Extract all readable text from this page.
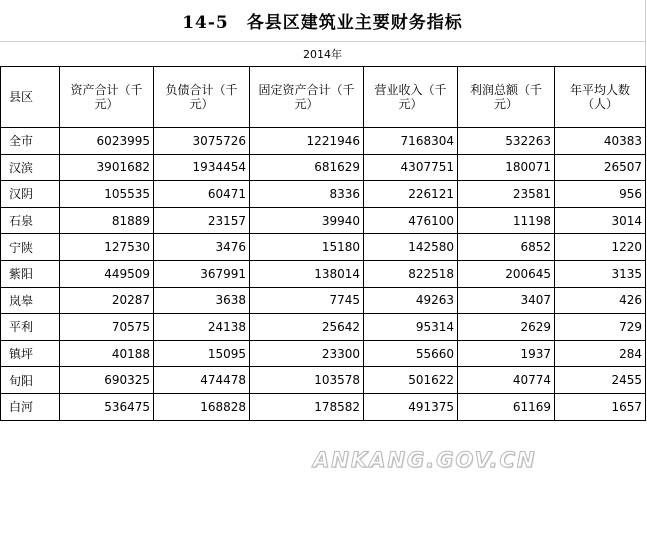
14-5　各县区建筑业主要财务指标
2014年
县区	资产合计（千元）	负债合计（千元）	固定资产合计（千元）	营业收入（千元）	利润总额（千元）	年平均人数（人）
全市	6023995	3075726	1221946	7168304	532263	40383
汉滨	3901682	1934454	681629	4307751	180071	26507
汉阴	105535	60471	8336	226121	23581	956
石泉	81889	23157	39940	476100	11198	3014
宁陕	127530	3476	15180	142580	6852	1220
紫阳	449509	367991	138014	822518	200645	3135
岚皋	20287	3638	7745	49263	3407	426
平利	70575	24138	25642	95314	2629	729
镇坪	40188	15095	23300	55660	1937	284
旬阳	690325	474478	103578	501622	40774	2455
白河	536475	168828	178582	491375	61169	1657
ANKANG.GOV.CN
